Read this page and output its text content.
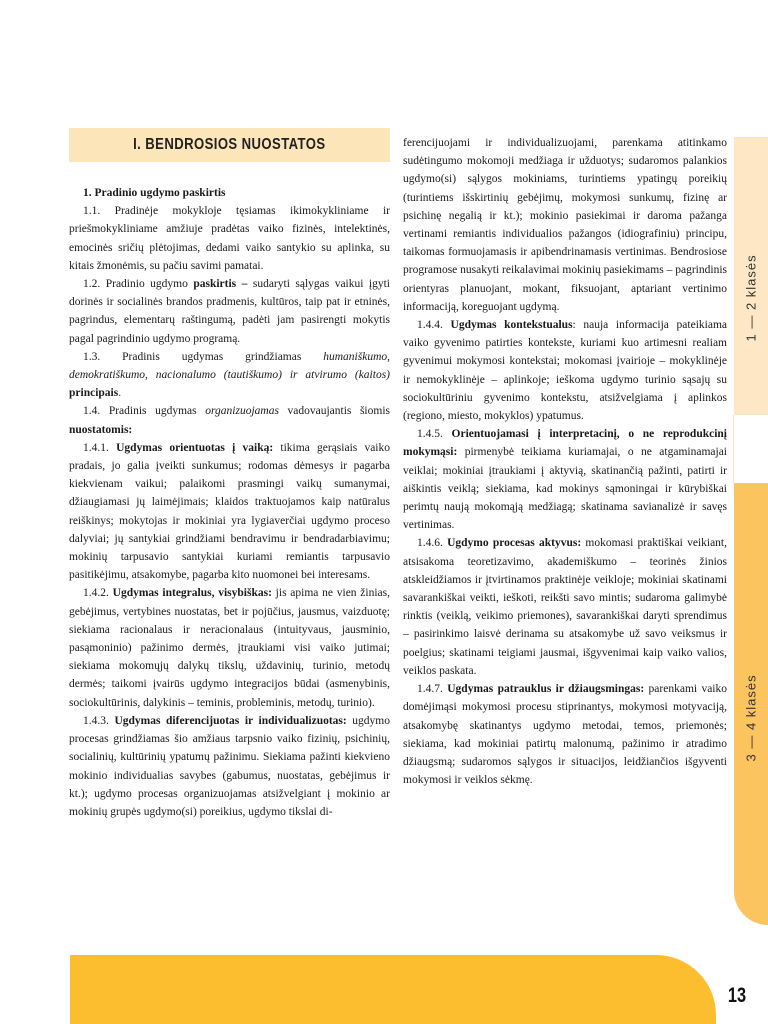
I. BENDROSIOS NUOSTATOS

1. Pradinio ugdymo paskirtis

1.1. Pradinėje mokykloje tęsiamas ikimokykliniame ir priešmokykliniame amžiuje pradėtas vaiko fizinės, intelektinės, emocinės sričių plėtojimas, dedami vaiko santykio su aplinka, su kitais žmonėmis, su pačiu savimi pamatai.

1.2. Pradinio ugdymo paskirtis – sudaryti sąlygas vaikui įgyti dorinės ir socialinės brandos pradmenis, kultūros, taip pat ir etninės, pagrindus, elementarų raštingumą, padėti jam pasirengti mokytis pagal pagrindinio ugdymo programą.

1.3. Pradinis ugdymas grindžiamas humaniškumo, demokratiškumo, nacionalumo (tautiškumo) ir atvirumo (kaitos) principais.

1.4. Pradinis ugdymas organizuojamas vadovaujantis šiomis nuostatomis:

1.4.1. Ugdymas orientuotas į vaiką: tikima gerąsiais vaiko pradais, jo galia įveikti sunkumus; rodomas dėmesys ir pagarba kiekvienam vaikui; palaikomi prasmingi vaikų sumanymai, džiaugiamasi jų laimėjimais; klaidos traktuojamos kaip natūralus reiškinys; mokytojas ir mokiniai yra lygiaverčiai ugdymo proceso dalyviai; jų santykiai grindžiami bendravimu ir bendradarbiavimu; mokinių tarpusavio santykiai kuriami remiantis tarpusavio pasitikėjimu, atsakomybe, pagarba kito nuomonei bei interesams.

1.4.2. Ugdymas integralus, visybiškas: jis apima ne vien žinias, gebėjimus, vertybines nuostatas, bet ir pojūčius, jausmus, vaizduotę; siekiama racionalaus ir neracionalaus (intuityvaus, jausminio, pasąmoninio) pažinimo dermės, įtraukiami visi vaiko jutimai; siekiama mokomųjų dalykų tikslų, uždavinių, turinio, metodų dermės; taikomi įvairūs ugdymo integracijos būdai (asmenybinis, sociokultūrinis, dalykinis – teminis, probleminis, metodų, turinio).

1.4.3. Ugdymas diferencijuotas ir individualizuotas: ugdymo procesas grindžiamas šio amžiaus tarpsnio vaiko fizinių, psichinių, socialinių, kultūrinių ypatumų pažinimu. Siekiama pažinti kiekvieno mokinio individualias savybes (gabumus, nuostatas, gebėjimus ir kt.); ugdymo procesas organizuojamas atsižvelgiant į mokinio ar mokinių grupės ugdymo(si) poreikius, ugdymo tikslai di-

ferencijuojami ir individualizuojami, parenkama atitinkamo sudėtingumo mokomoji medžiaga ir užduotys; sudaromos palankios ugdymo(si) sąlygos mokiniams, turintiems ypatingų poreikių (turintiems išskirtinių gebėjimų, mokymosi sunkumų, fizinę ar psichinę negalią ir kt.); mokinio pasiekimai ir daroma pažanga vertinami remiantis individualios pažangos (idiografiniu) principu, taikomas formuojamasis ir apibendrinamasis vertinimas. Bendrosiose programose nusakyti reikalavimai mokinių pasiekimams – pagrindinis orientyras planuojant, mokant, fiksuojant, aptariant vertinimo informaciją, koreguojant ugdymą.

1.4.4. Ugdymas kontekstualus: nauja informacija pateikiama vaiko gyvenimo patirties kontekste, kuriami kuo artimesni realiam gyvenimui mokymosi kontekstai; mokomasi įvairioje – mokyklinėje ir nemokyklinėje – aplinkoje; ieškoma ugdymo turinio sąsajų su sociokultūriniu gyvenimo kontekstu, atsižvelgiama į aplinkos (regiono, miesto, mokyklos) ypatumus.

1.4.5. Orientuojamasi į interpretacinį, o ne reprodukcinį mokymąsi: pirmenybė teikiama kuriamajai, o ne atgaminamajai veiklai; mokiniai įtraukiami į aktyvią, skatinančią pažinti, patirti ir aiškintis veiklą; siekiama, kad mokinys sąmoningai ir kūrybiškai perimtų naują mokomąją medžiagą; skatinama savianalizė ir savęs vertinimas.

1.4.6. Ugdymo procesas aktyvus: mokomasi praktiškai veikiant, atsisakoma teoretizavimo, akademiškumo – teorinės žinios atskleidžiamos ir įtvirtinamos praktinėje veikloje; mokiniai skatinami savarankiškai veikti, ieškoti, reikšti savo mintis; sudaroma galimybė rinktis (veiklą, veikimo priemones), savarankiškai daryti sprendimus – pasirinkimo laisvė derinama su atsakomybe už savo veiksmus ir poelgius; skatinami teigiami jausmai, išgyvenimai kaip vaiko valios, veiklos paskata.

1.4.7. Ugdymas patrauklus ir džiaugsmingas: parenkami vaiko domėjimąsi mokymosi procesu stiprinantys, mokymosi motyvaciją, atsakomybę skatinantys ugdymo metodai, temos, priemonės; siekiama, kad mokiniai patirtų malonumą, pažinimo ir atradimo džiaugsmą; sudaromos sąlygos ir situacijos, leidžiančios išgyventi mokymosi ir veiklos sėkmę.

13
